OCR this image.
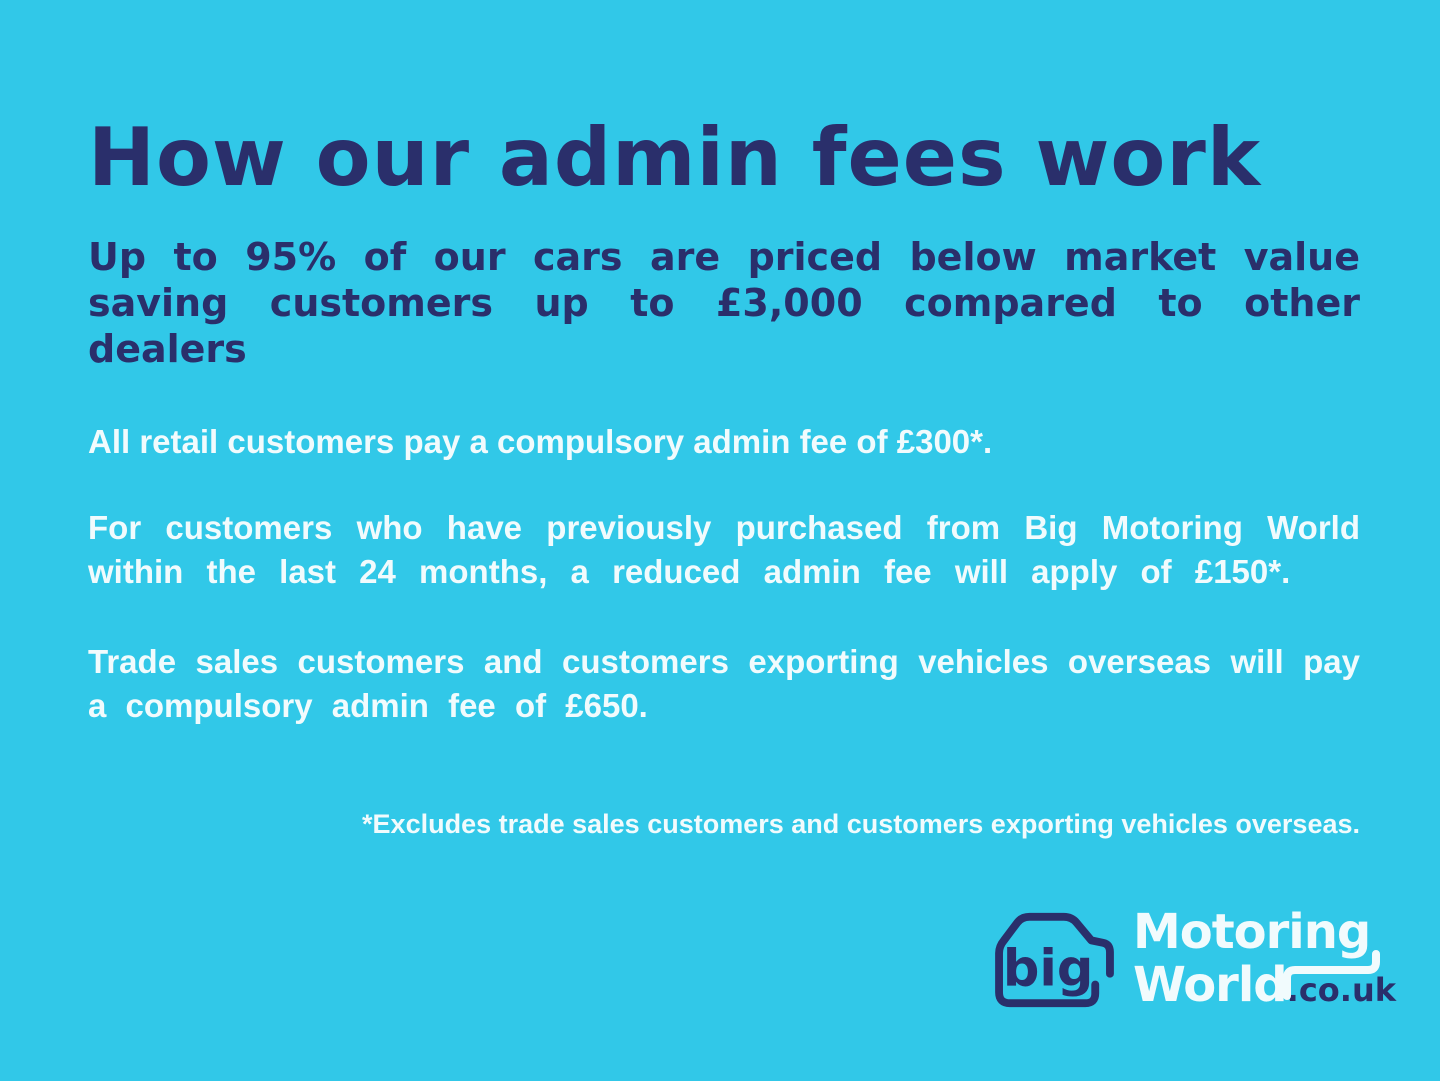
How our admin fees work

Up to 95% of our cars are priced below market value saving customers up to £3,000 compared to other dealers

All retail customers pay a compulsory admin fee of £300*.

For customers who have previously purchased from Big Motoring World within the last 24 months, a reduced admin fee will apply of £150*.

Trade sales customers and customers exporting vehicles overseas will pay a compulsory admin fee of £650.

*Excludes trade sales customers and customers exporting vehicles overseas.

big
Motoring
World.co.uk
